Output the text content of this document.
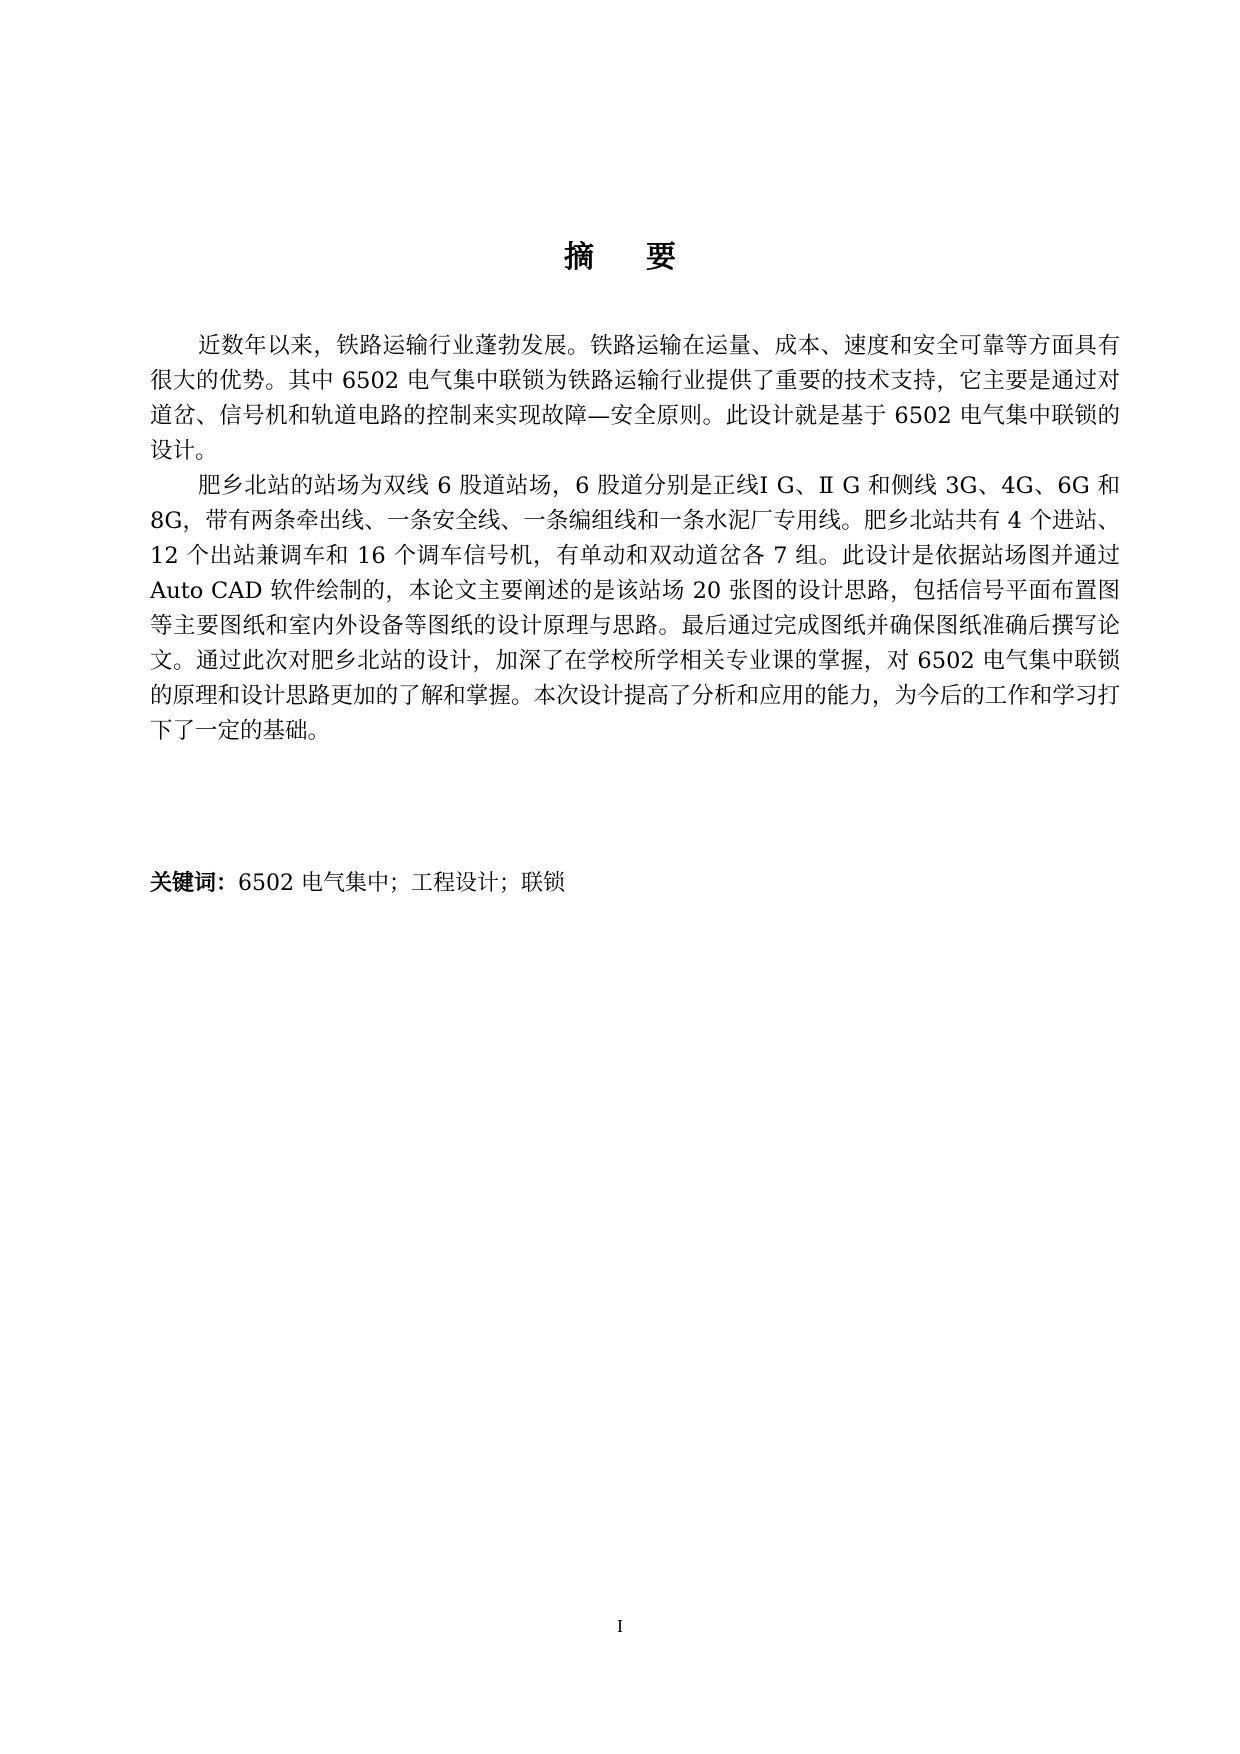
摘要

近数年以来，铁路运输行业蓬勃发展。铁路运输在运量、成本、速度和安全可靠等方面具有很大的优势。其中 6502 电气集中联锁为铁路运输行业提供了重要的技术支持，它主要是通过对道岔、信号机和轨道电路的控制来实现故障—安全原则。此设计就是基于 6502 电气集中联锁的设计。

肥乡北站的站场为双线 6 股道站场，6 股道分别是正线Ⅰ G、Ⅱ G 和侧线 3G、4G、6G 和 8G，带有两条牵出线、一条安全线、一条编组线和一条水泥厂专用线。肥乡北站共有 4 个进站、12 个出站兼调车和 16 个调车信号机，有单动和双动道岔各 7 组。此设计是依据站场图并通过 Auto CAD 软件绘制的，本论文主要阐述的是该站场 20 张图的设计思路，包括信号平面布置图等主要图纸和室内外设备等图纸的设计原理与思路。最后通过完成图纸并确保图纸准确后撰写论文。通过此次对肥乡北站的设计，加深了在学校所学相关专业课的掌握，对 6502 电气集中联锁的原理和设计思路更加的了解和掌握。本次设计提高了分析和应用的能力，为今后的工作和学习打下了一定的基础。

关键词：6502 电气集中；工程设计；联锁
I
